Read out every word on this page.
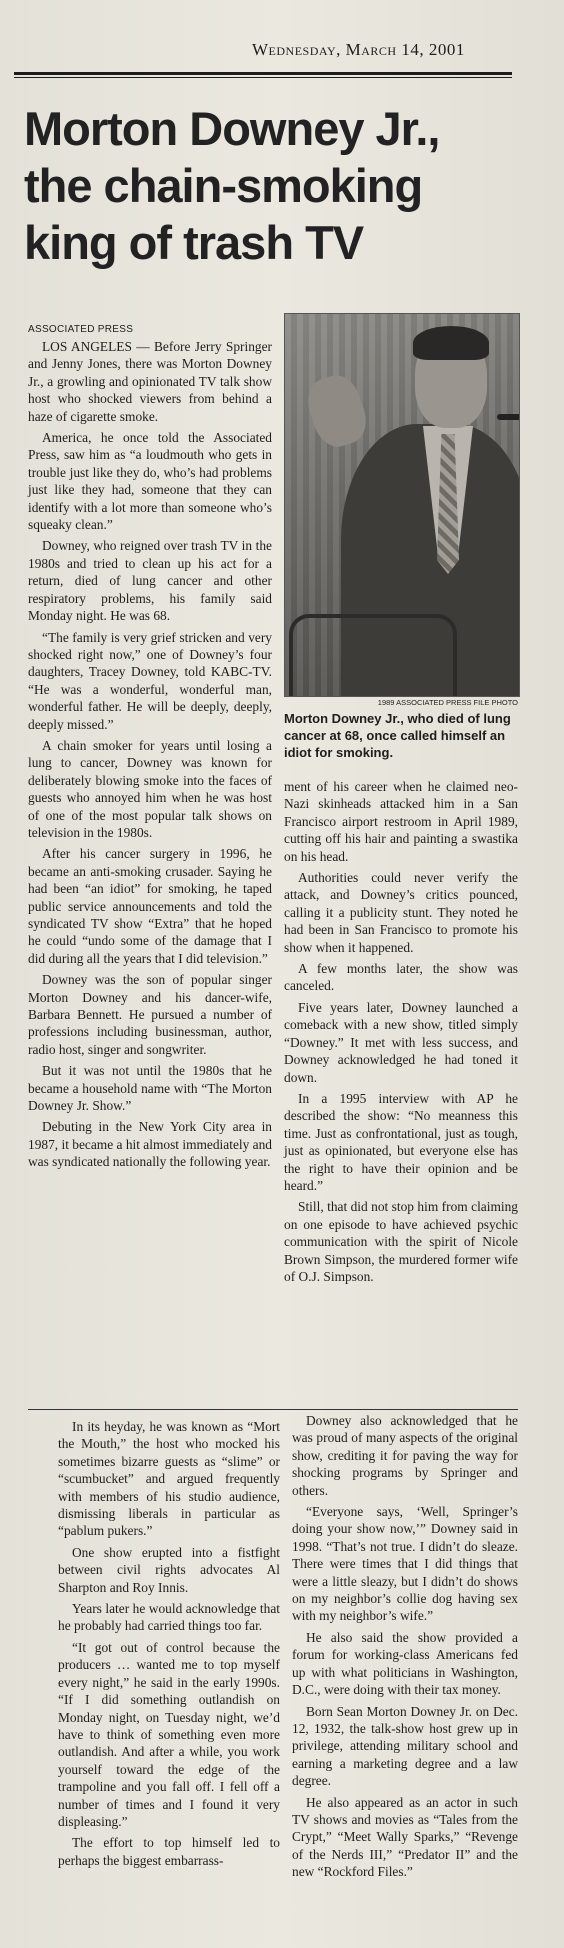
Wednesday, March 14, 2001
Morton Downey Jr.,
the chain-smoking
king of trash TV
ASSOCIATED PRESS

LOS ANGELES — Before Jerry Springer and Jenny Jones, there was Morton Downey Jr., a growling and opinionated TV talk show host who shocked viewers from behind a haze of cigarette smoke.

America, he once told the Associated Press, saw him as “a loudmouth who gets in trouble just like they do, who’s had problems just like they had, someone that they can identify with a lot more than someone who’s squeaky clean.”

Downey, who reigned over trash TV in the 1980s and tried to clean up his act for a return, died of lung cancer and other respiratory problems, his family said Monday night. He was 68.

“The family is very grief stricken and very shocked right now,” one of Downey’s four daughters, Tracey Downey, told KABC-TV. “He was a wonderful, wonderful man, wonderful father. He will be deeply, deeply, deeply missed.”

A chain smoker for years until losing a lung to cancer, Downey was known for deliberately blowing smoke into the faces of guests who annoyed him when he was host of one of the most popular talk shows on television in the 1980s.

After his cancer surgery in 1996, he became an anti-smoking crusader. Saying he had been “an idiot” for smoking, he taped public service announcements and told the syndicated TV show “Extra” that he hoped he could “undo some of the damage that I did during all the years that I did television.”

Downey was the son of popular singer Morton Downey and his dancer-wife, Barbara Bennett. He pursued a number of professions including businessman, author, radio host, singer and songwriter.

But it was not until the 1980s that he became a household name with “The Morton Downey Jr. Show.”

Debuting in the New York City area in 1987, it became a hit almost immediately and was syndicated nationally the following year.

1989 ASSOCIATED PRESS FILE PHOTO
Morton Downey Jr., who died of lung cancer at 68, once called himself an idiot for smoking.

ment of his career when he claimed neo-Nazi skinheads attacked him in a San Francisco airport restroom in April 1989, cutting off his hair and painting a swastika on his head.

Authorities could never verify the attack, and Downey’s critics pounced, calling it a publicity stunt. They noted he had been in San Francisco to promote his show when it happened.

A few months later, the show was canceled.

Five years later, Downey launched a comeback with a new show, titled simply “Downey.” It met with less success, and Downey acknowledged he had toned it down.

In a 1995 interview with AP he described the show: “No meanness this time. Just as confrontational, just as tough, just as opinionated, but everyone else has the right to have their opinion and be heard.”

Still, that did not stop him from claiming on one episode to have achieved psychic communication with the spirit of Nicole Brown Simpson, the murdered former wife of O.J. Simpson.

In its heyday, he was known as “Mort the Mouth,” the host who mocked his sometimes bizarre guests as “slime” or “scumbucket” and argued frequently with members of his studio audience, dismissing liberals in particular as “pablum pukers.”

One show erupted into a fistfight between civil rights advocates Al Sharpton and Roy Innis.

Years later he would acknowledge that he probably had carried things too far.

“It got out of control because the producers … wanted me to top myself every night,” he said in the early 1990s. “If I did something outlandish on Monday night, on Tuesday night, we’d have to think of something even more outlandish. And after a while, you work yourself toward the edge of the trampoline and you fall off. I fell off a number of times and I found it very displeasing.”

The effort to top himself led to perhaps the biggest embarrass-

Downey also acknowledged that he was proud of many aspects of the original show, crediting it for paving the way for shocking programs by Springer and others.

“Everyone says, ‘Well, Springer’s doing your show now,’” Downey said in 1998. “That’s not true. I didn’t do sleaze. There were times that I did things that were a little sleazy, but I didn’t do shows on my neighbor’s collie dog having sex with my neighbor’s wife.”

He also said the show provided a forum for working-class Americans fed up with what politicians in Washington, D.C., were doing with their tax money.

Born Sean Morton Downey Jr. on Dec. 12, 1932, the talk-show host grew up in privilege, attending military school and earning a marketing degree and a law degree.

He also appeared as an actor in such TV shows and movies as “Tales from the Crypt,” “Meet Wally Sparks,” “Revenge of the Nerds III,” “Predator II” and the new “Rockford Files.”
